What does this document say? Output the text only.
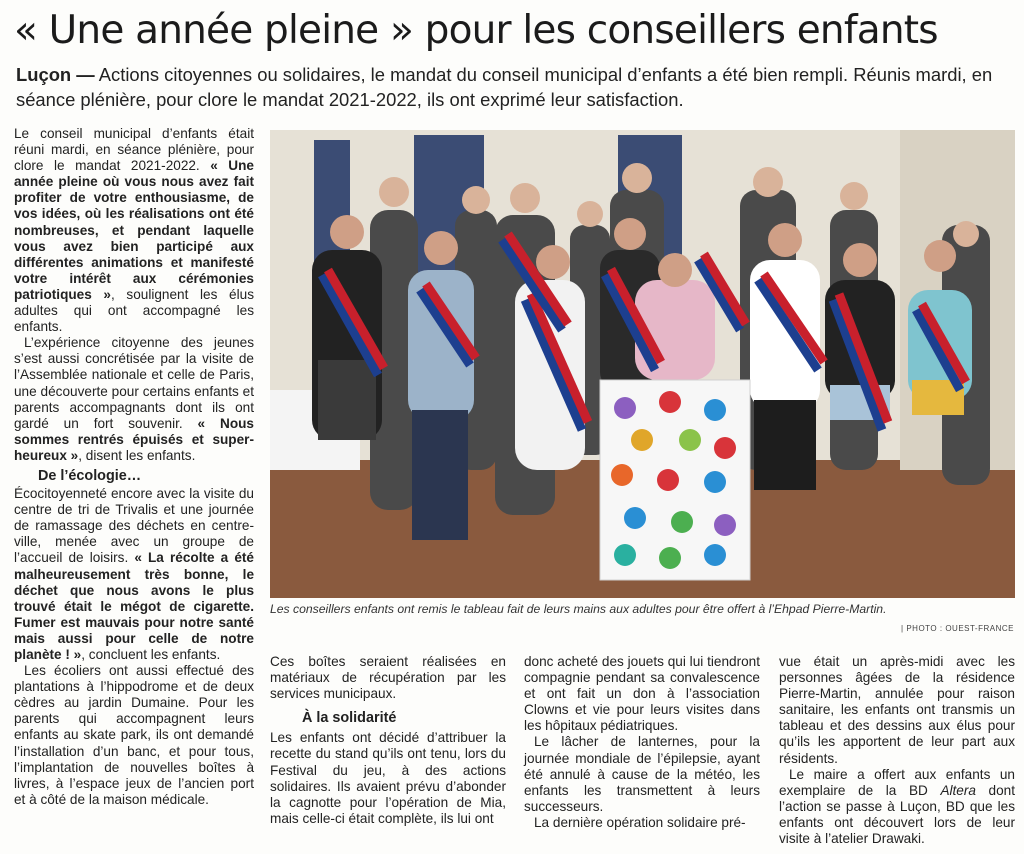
« Une année pleine » pour les conseillers enfants
Luçon — Actions citoyennes ou solidaires, le mandat du conseil municipal d’enfants a été bien rempli. Réunis mardi, en séance plénière, pour clore le mandat 2021-2022, ils ont exprimé leur satisfaction.

Le conseil municipal d’enfants était réuni mardi, en séance plénière, pour clore le mandat 2021-2022. « Une année pleine où vous nous avez fait profiter de votre enthousiasme, de vos idées, où les réalisations ont été nombreuses, et pendant laquelle vous avez bien participé aux différentes animations et manifesté votre intérêt aux cérémonies patriotiques », soulignent les élus adultes qui ont accompagné les enfants.

L’expérience citoyenne des jeunes s’est aussi concrétisée par la visite de l’Assemblée nationale et celle de Paris, une découverte pour certains enfants et parents accompagnants dont ils ont gardé un fort souvenir. « Nous sommes rentrés épuisés et super-heureux », disent les enfants.

De l’écologie…

Écocitoyenneté encore avec la visite du centre de tri de Trivalis et une journée de ramassage des déchets en centre-ville, menée avec un groupe de l’accueil de loisirs. « La récolte a été malheureusement très bonne, le déchet que nous avons le plus trouvé était le mégot de cigarette. Fumer est mauvais pour notre santé mais aussi pour celle de notre planète ! », concluent les enfants.

Les écoliers ont aussi effectué des plantations à l’hippodrome et de deux cèdres au jardin Dumaine. Pour les parents qui accompagnent leurs enfants au skate park, ils ont demandé l’installation d’un banc, et pour tous, l’implantation de nouvelles boîtes à livres, à l’espace jeux de l’ancien port et à côté de la maison médicale.

Les conseillers enfants ont remis le tableau fait de leurs mains aux adultes pour être offert à l’Ehpad Pierre-Martin.
| PHOTO : OUEST-FRANCE

Ces boîtes seraient réalisées en matériaux de récupération par les services municipaux.

À la solidarité

Les enfants ont décidé d’attribuer la recette du stand qu’ils ont tenu, lors du Festival du jeu, à des actions solidaires. Ils avaient prévu d’abonder la cagnotte pour l’opération de Mia, mais celle-ci était complète, ils lui ont

donc acheté des jouets qui lui tiendront compagnie pendant sa convalescence et ont fait un don à l’association Clowns et vie pour leurs visites dans les hôpitaux pédiatriques.

Le lâcher de lanternes, pour la journée mondiale de l’épilepsie, ayant été annulé à cause de la météo, les enfants les transmettent à leurs successeurs.

La dernière opération solidaire pré-

vue était un après-midi avec les personnes âgées de la résidence Pierre-Martin, annulée pour raison sanitaire, les enfants ont transmis un tableau et des dessins aux élus pour qu’ils les apportent de leur part aux résidents.

Le maire a offert aux enfants un exemplaire de la BD Altera dont l’action se passe à Luçon, BD que les enfants ont découvert lors de leur visite à l’atelier Drawaki.
